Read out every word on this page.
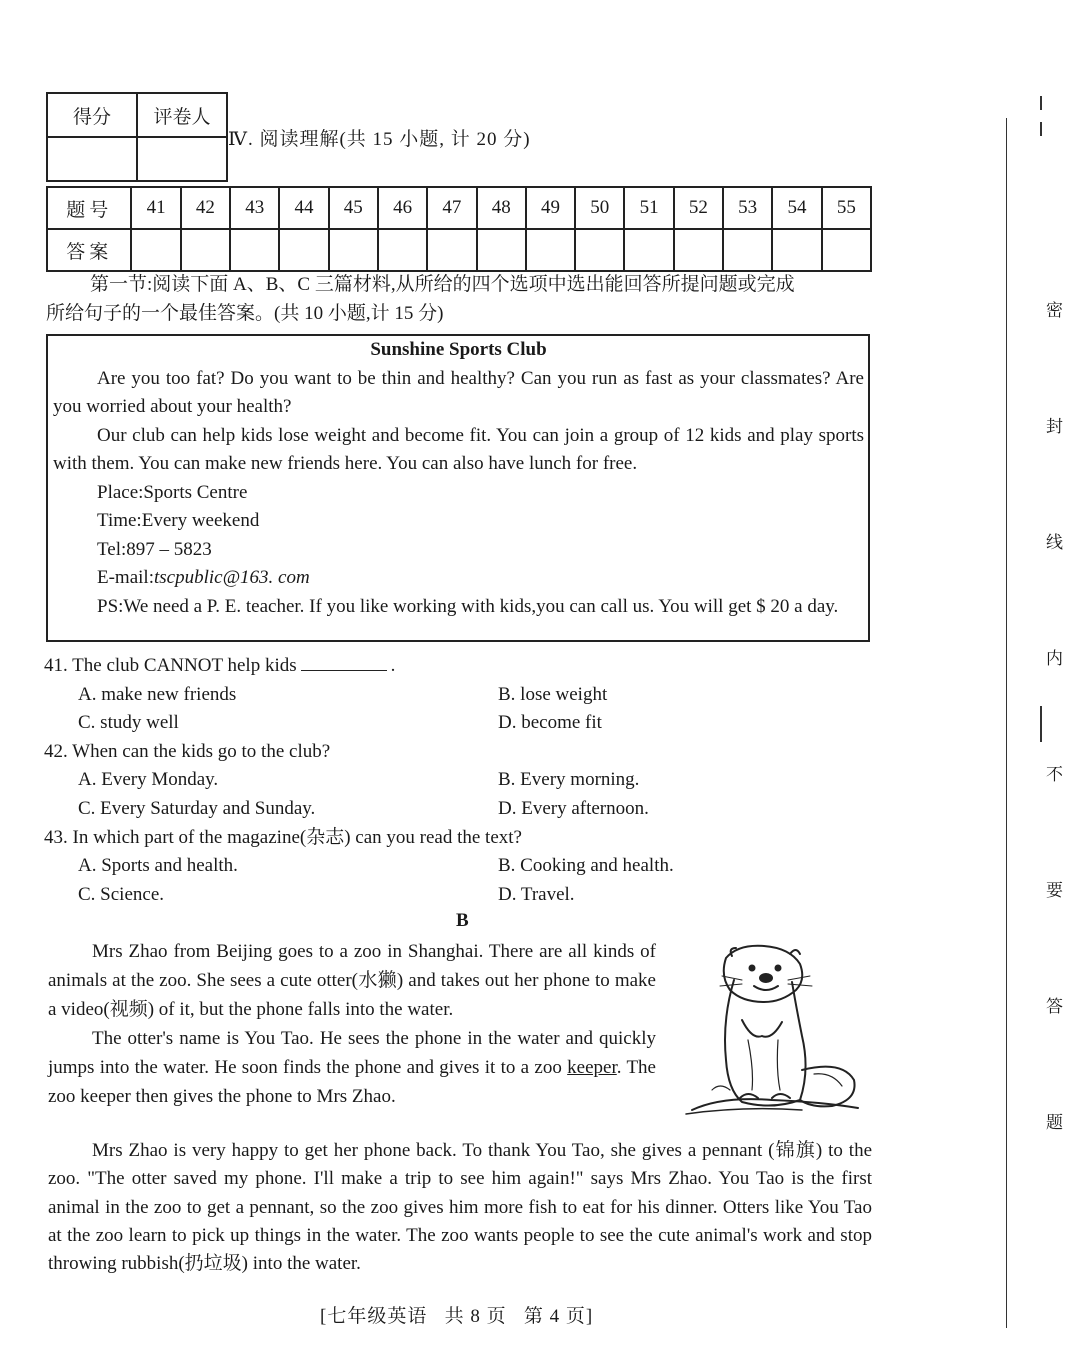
得分	评卷人

Ⅳ. 阅读理解(共 15 小题, 计 20 分)
题号	41	42	43	44	45	46	47	48	49	50	51	52	53	54	55
答案															
第一节:阅读下面 A、B、C 三篇材料,从所给的四个选项中选出能回答所提问题或完成
所给句子的一个最佳答案。(共 10 小题,计 15 分)
Sunshine Sports Club

Are you too fat? Do you want to be thin and healthy? Can you run as fast as your classmates? Are you worried about your health?

Our club can help kids lose weight and become fit. You can join a group of 12 kids and play sports with them. You can make new friends here. You can also have lunch for free.

Place:Sports Centre

Time:Every weekend

Tel:897 – 5823

E-mail:tscpublic@163. com

PS:We need a P. E. teacher. If you like working with kids,you can call us. You will get $ 20 a day.

41. The club CANNOT help kids	.
A. make new friends	B. lose weight
C. study well	D. become fit
42. When can the kids go to the club?
A. Every Monday.	B. Every morning.
C. Every Saturday and Sunday.	D. Every afternoon.
43. In which part of the magazine(杂志) can you read the text?
A. Sports and health.	B. Cooking and health.
C. Science.	D. Travel.
B
Mrs Zhao from Beijing goes to a zoo in Shanghai. There are all kinds of animals at the zoo. She sees a cute otter(水獭) and takes out her phone to make a video(视频) of it, but the phone falls into the water.
The otter's name is You Tao. He sees the phone in the water and quickly jumps into the water. He soon finds the phone and gives it to a zoo keeper. The zoo keeper then gives the phone to Mrs Zhao.
Mrs Zhao is very happy to get her phone back. To thank You Tao, she gives a pennant (锦旗) to the zoo. "The otter saved my phone. I'll make a trip to see him again!" says Mrs Zhao. You Tao is the first animal in the zoo to get a pennant, so the zoo gives him more fish to eat for his dinner. Otters like You Tao at the zoo learn to pick up things in the water. The zoo wants people to see the cute animal's work and stop throwing rubbish(扔垃圾) into the water.
[七年级英语   共 8 页   第 4 页]
密
封
线
内
不
要
答
题
